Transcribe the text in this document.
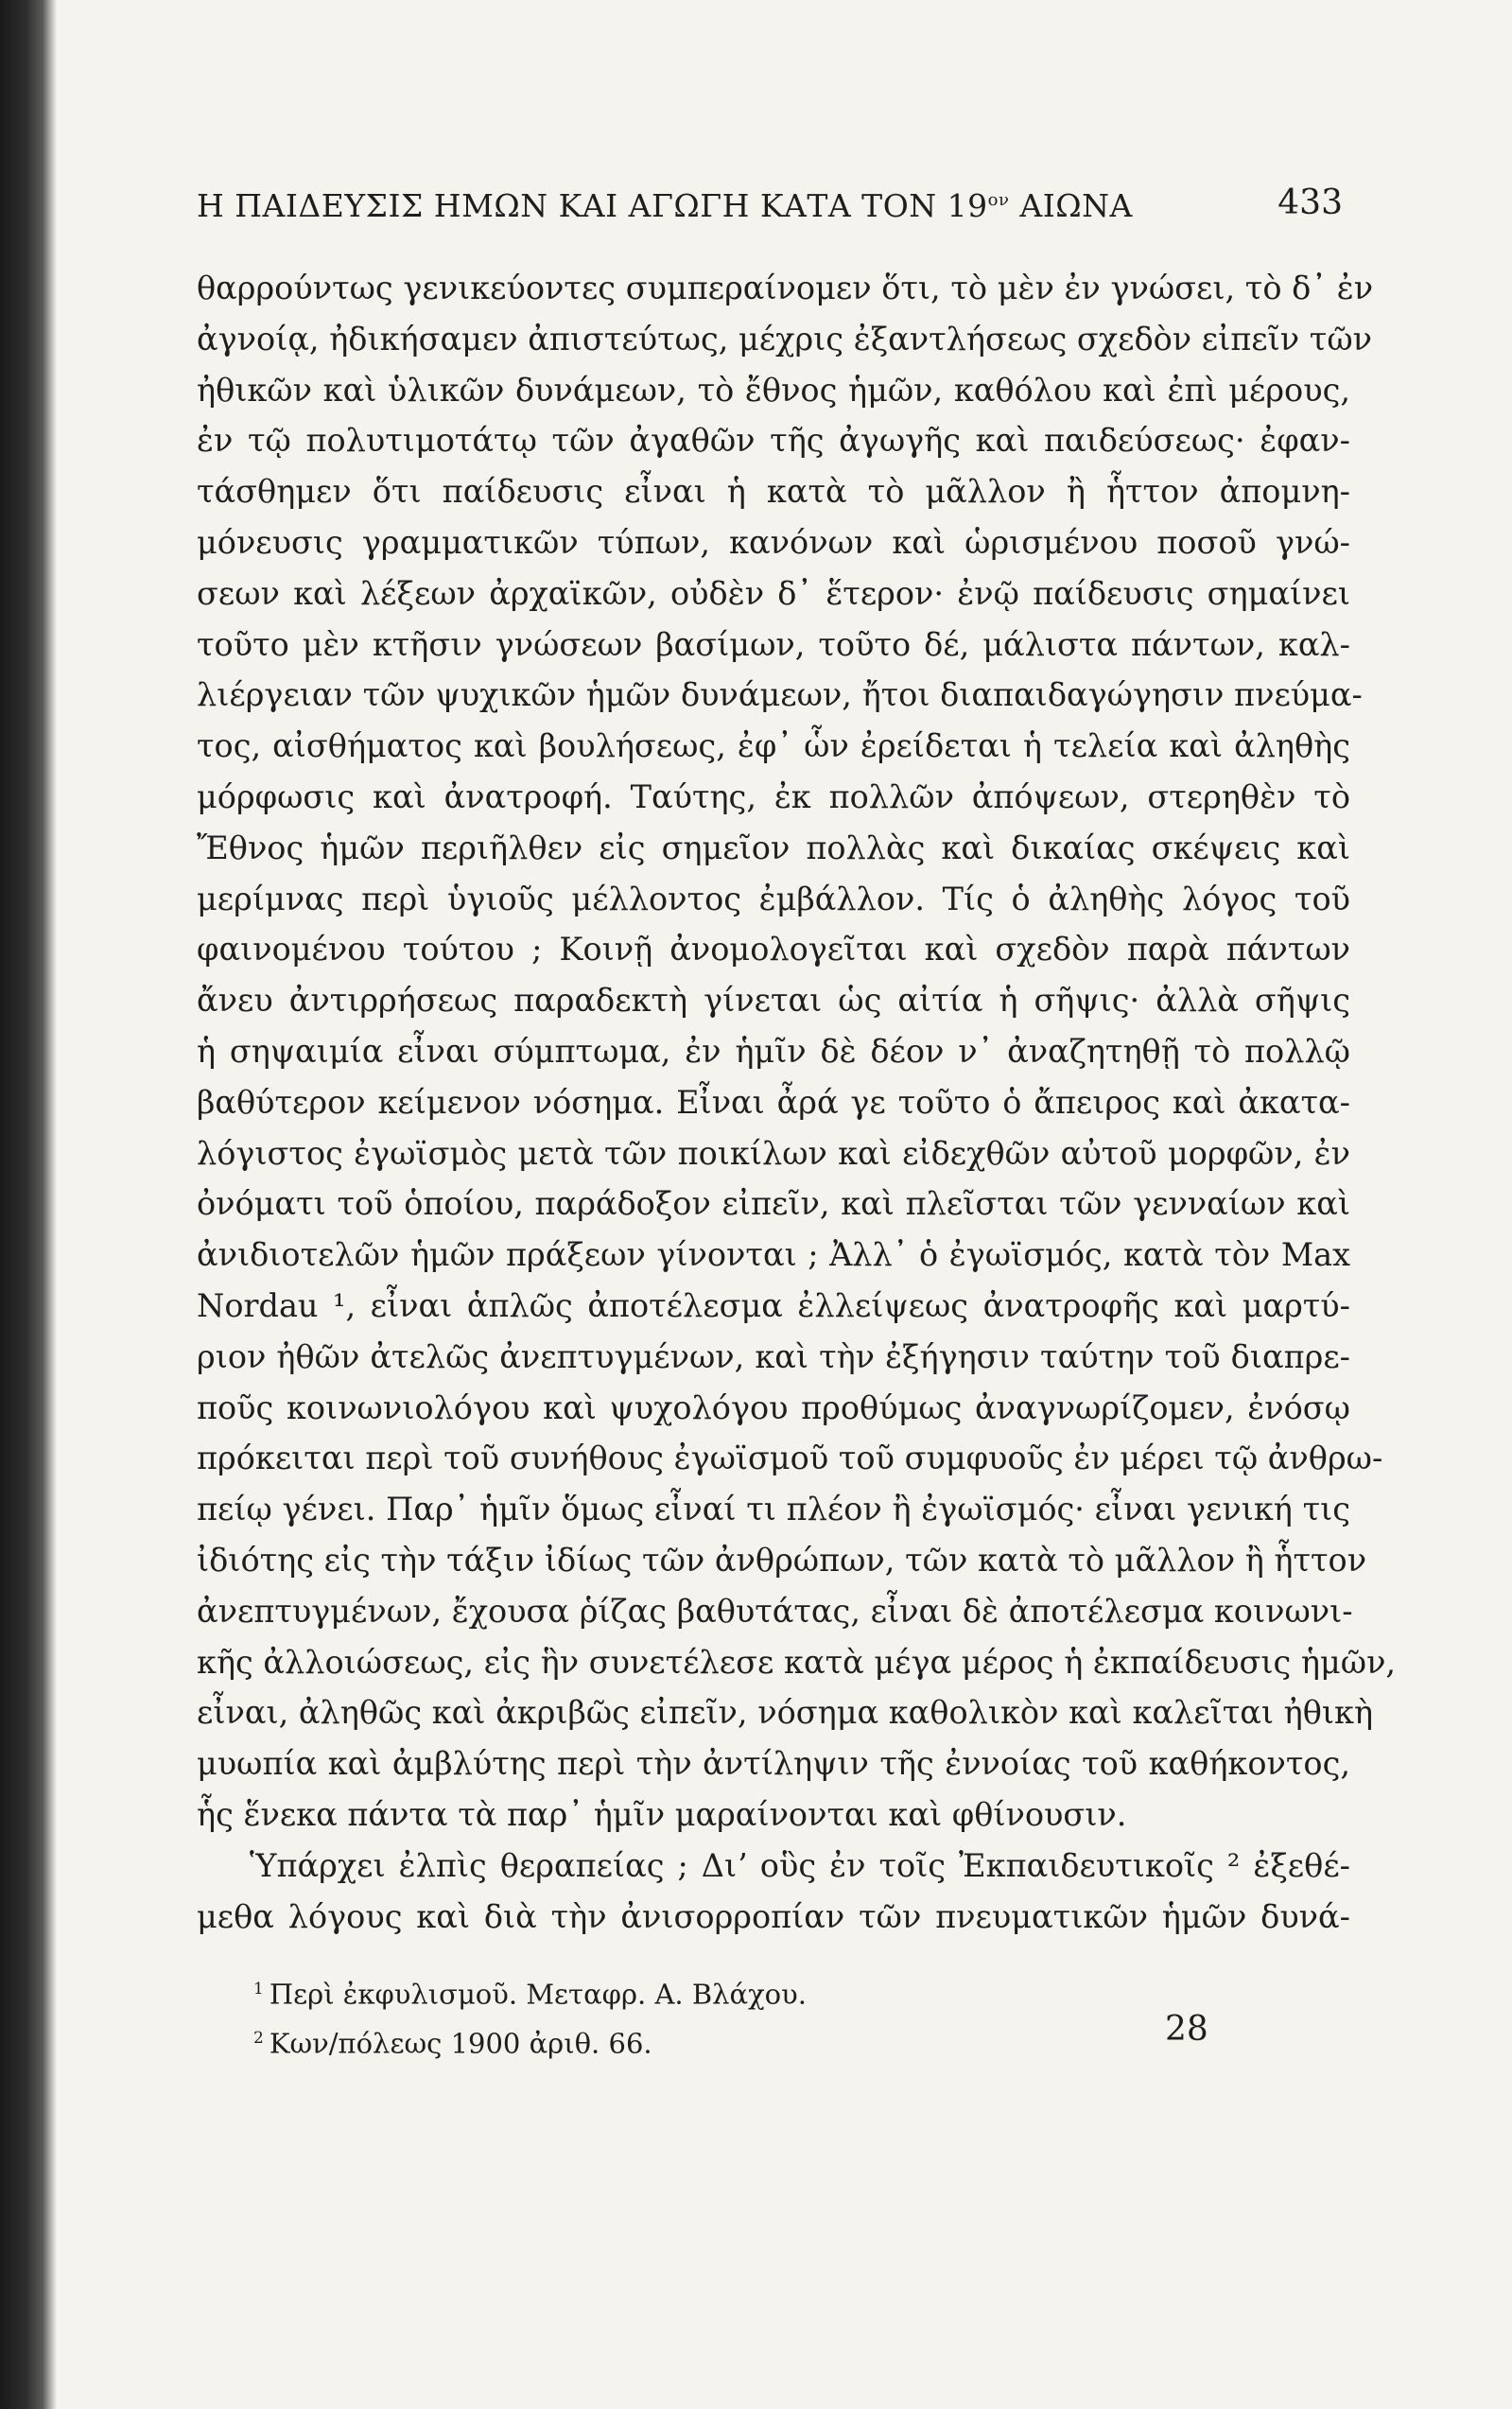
Η ΠΑΙΔΕΥΣΙΣ ΗΜΩΝ ΚΑΙ ΑΓΩΓΗ ΚΑΤΑ ΤΟΝ $19^{o\nu}$ ΑΙΩΝΑ	433
θαρρούντως γενικεύοντες συμπεραίνομεν ὅτι, τὸ μὲν ἐν γνώσει, τὸ δ᾽ ἐν
ἀγνοίᾳ, ἠδικήσαμεν ἀπιστεύτως, μέχρις ἐξαντλήσεως σχεδὸν εἰπεῖν τῶν
ἠθικῶν καὶ ὑλικῶν δυνάμεων, τὸ ἔθνος ἡμῶν, καθόλου καὶ ἐπὶ μέρους,
ἐν τῷ πολυτιμοτάτῳ τῶν ἀγαθῶν τῆς ἀγωγῆς καὶ παιδεύσεως· ἐφαν-
τάσθημεν ὅτι παίδευσις εἶναι ἡ κατὰ τὸ μᾶλλον ἢ ἧττον ἀπομνη-
μόνευσις γραμματικῶν τύπων, κανόνων καὶ ὡρισμένου ποσοῦ γνώ-
σεων καὶ λέξεων ἀρχαϊκῶν, οὐδὲν δ᾽ ἕτερον· ἐνῷ παίδευσις σημαίνει
τοῦτο μὲν κτῆσιν γνώσεων βασίμων, τοῦτο δέ, μάλιστα πάντων, καλ-
λιέργειαν τῶν ψυχικῶν ἡμῶν δυνάμεων, ἤτοι διαπαιδαγώγησιν πνεύμα-
τος, αἰσθήματος καὶ βουλήσεως, ἐφ᾽ ὧν ἐρείδεται ἡ τελεία καὶ ἀληθὴς
μόρφωσις καὶ ἀνατροφή. Ταύτης, ἐκ πολλῶν ἀπόψεων, στερηθὲν τὸ
Ἔθνος ἡμῶν περιῆλθεν εἰς σημεῖον πολλὰς καὶ δικαίας σκέψεις καὶ
μερίμνας περὶ ὑγιοῦς μέλλοντος ἐμβάλλον. Τίς ὁ ἀληθὴς λόγος τοῦ
φαινομένου τούτου ; Κοινῇ ἀνομολογεῖται καὶ σχεδὸν παρὰ πάντων
ἄνευ ἀντιρρήσεως παραδεκτὴ γίνεται ὡς αἰτία ἡ σῆψις· ἀλλὰ σῆψις
ἡ σηψαιμία εἶναι σύμπτωμα, ἐν ἡμῖν δὲ δέον ν᾽ ἀναζητηθῇ τὸ πολλῷ
βαθύτερον κείμενον νόσημα. Εἶναι ἆρά γε τοῦτο ὁ ἄπειρος καὶ ἀκατα-
λόγιστος ἐγωϊσμὸς μετὰ τῶν ποικίλων καὶ εἰδεχθῶν αὐτοῦ μορφῶν, ἐν
ὀνόματι τοῦ ὁποίου, παράδοξον εἰπεῖν, καὶ πλεῖσται τῶν γενναίων καὶ
ἀνιδιοτελῶν ἡμῶν πράξεων γίνονται ; Ἀλλ᾽ ὁ ἐγωϊσμός, κατὰ τὸν Max
Nordau ¹, εἶναι ἁπλῶς ἀποτέλεσμα ἐλλείψεως ἀνατροφῆς καὶ μαρτύ-
ριον ἠθῶν ἀτελῶς ἀνεπτυγμένων, καὶ τὴν ἐξήγησιν ταύτην τοῦ διαπρε-
ποῦς κοινωνιολόγου καὶ ψυχολόγου προθύμως ἀναγνωρίζομεν, ἐνόσῳ
πρόκειται περὶ τοῦ συνήθους ἐγωϊσμοῦ τοῦ συμφυοῦς ἐν μέρει τῷ ἀνθρω-
πείῳ γένει. Παρ᾽ ἡμῖν ὅμως εἶναί τι πλέον ἢ ἐγωϊσμός· εἶναι γενική τις
ἰδιότης εἰς τὴν τάξιν ἰδίως τῶν ἀνθρώπων, τῶν κατὰ τὸ μᾶλλον ἢ ἧττον
ἀνεπτυγμένων, ἔχουσα ῥίζας βαθυτάτας, εἶναι δὲ ἀποτέλεσμα κοινωνι-
κῆς ἀλλοιώσεως, εἰς ἣν συνετέλεσε κατὰ μέγα μέρος ἡ ἐκπαίδευσις ἡμῶν,
εἶναι, ἀληθῶς καὶ ἀκριβῶς εἰπεῖν, νόσημα καθολικὸν καὶ καλεῖται ἠθικὴ
μυωπία καὶ ἀμβλύτης περὶ τὴν ἀντίληψιν τῆς ἐννοίας τοῦ καθήκοντος,
ἧς ἕνεκα πάντα τὰ παρ᾽ ἡμῖν μαραίνονται καὶ φθίνουσιν.
Ὑπάρχει ἐλπὶς θεραπείας ; Διʼ οὓς ἐν τοῖς Ἐκπαιδευτικοῖς ² ἐξεθέ-
μεθα λόγους καὶ διὰ τὴν ἀνισορροπίαν τῶν πνευματικῶν ἡμῶν δυνά-
$^1$ Περὶ ἐκφυλισμοῦ. Μεταφρ. Α. Βλάχου.
$^2$ Κων/πόλεως 1900 ἀριθ. 66.	28
